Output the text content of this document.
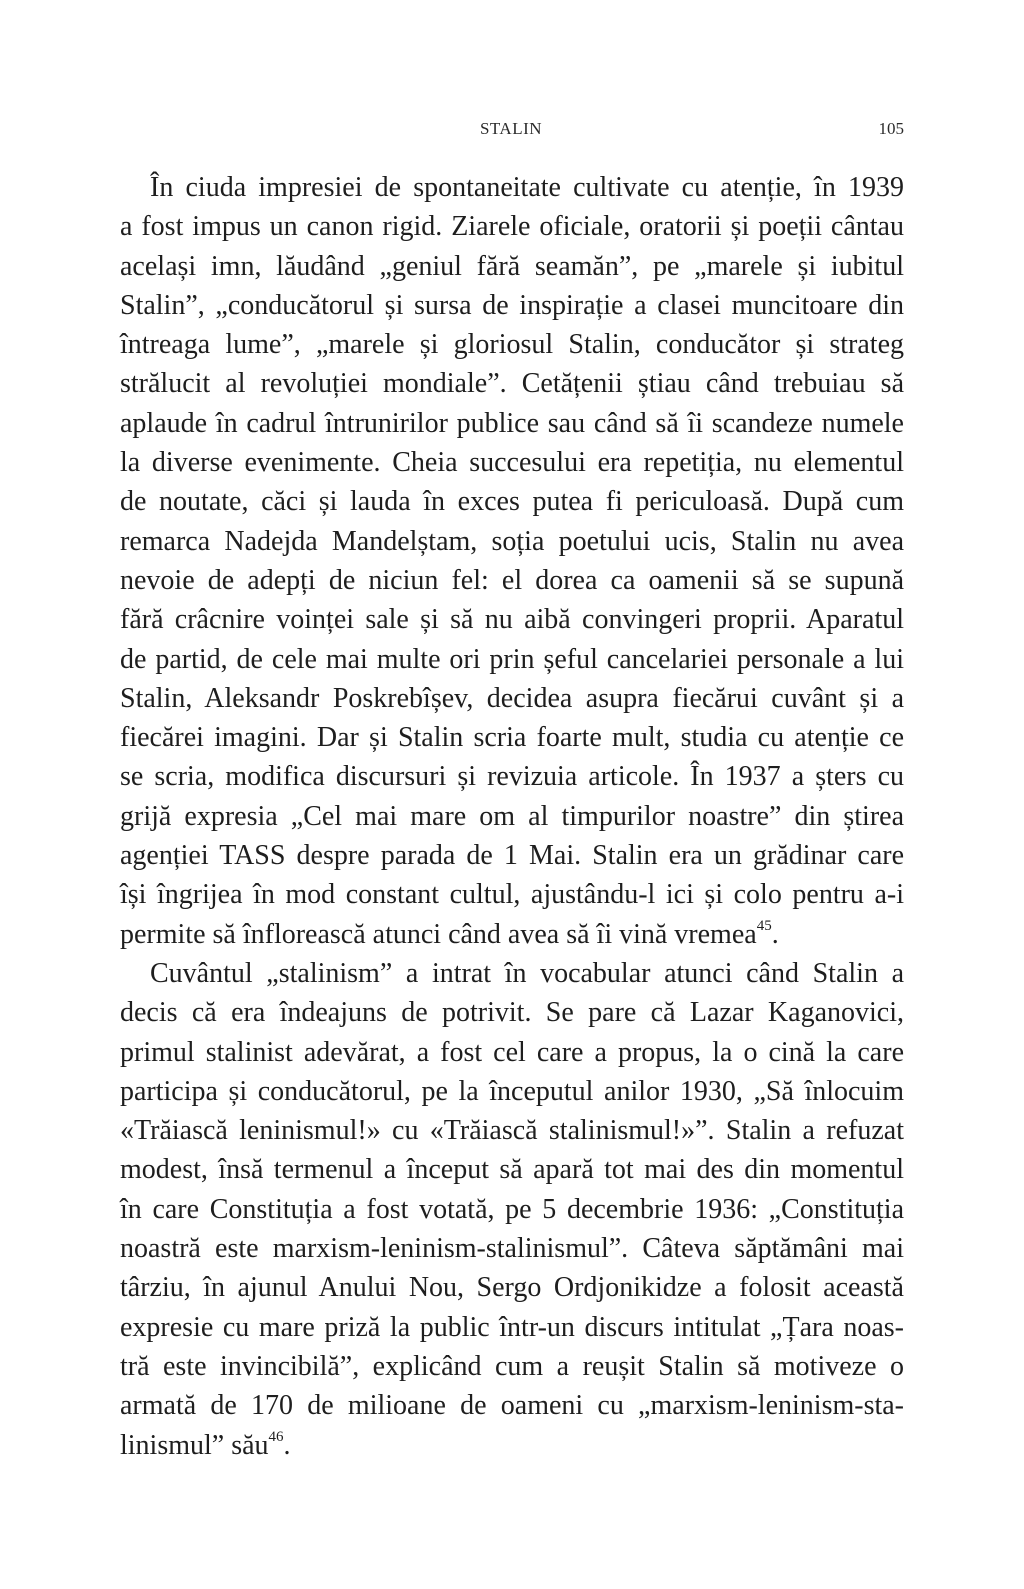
STALIN	105
În ciuda impresiei de spontaneitate cultivate cu atenție, în 1939
a fost impus un canon rigid. Ziarele oficiale, oratorii și poeții cântau
același imn, lăudând „geniul fără seamăn”, pe „marele și iubitul
Stalin”, „conducătorul și sursa de inspirație a clasei muncitoare din
întreaga lume”, „marele și gloriosul Stalin, conducător și strateg
strălucit al revoluției mondiale”. Cetățenii știau când trebuiau să
aplaude în cadrul întrunirilor publice sau când să îi scandeze numele
la diverse evenimente. Cheia succesului era repetiția, nu elementul
de noutate, căci și lauda în exces putea fi periculoasă. După cum
remarca Nadejda Mandelștam, soția poetului ucis, Stalin nu avea
nevoie de adepți de niciun fel: el dorea ca oamenii să se supună
fără crâcnire voinței sale și să nu aibă convingeri proprii. Aparatul
de partid, de cele mai multe ori prin șeful cancelariei personale a lui
Stalin, Aleksandr Poskrebîșev, decidea asupra fiecărui cuvânt și a
fiecărei imagini. Dar și Stalin scria foarte mult, studia cu atenție ce
se scria, modifica discursuri și revizuia articole. În 1937 a șters cu
grijă expresia „Cel mai mare om al timpurilor noastre” din știrea
agenției TASS despre parada de 1 Mai. Stalin era un grădinar care
își îngrijea în mod constant cultul, ajustându-l ici și colo pentru a-i
permite să înflorească atunci când avea să îi vină vremea$^{45}$.
Cuvântul „stalinism” a intrat în vocabular atunci când Stalin a
decis că era îndeajuns de potrivit. Se pare că Lazar Kaganovici,
primul stalinist adevărat, a fost cel care a propus, la o cină la care
participa și conducătorul, pe la începutul anilor 1930, „Să înlocuim
«Trăiască leninismul!» cu «Trăiască stalinismul!»”. Stalin a refuzat
modest, însă termenul a început să apară tot mai des din momentul
în care Constituția a fost votată, pe 5 decembrie 1936: „Constituția
noastră este marxism-leninism-stalinismul”. Câteva săptămâni mai
târziu, în ajunul Anului Nou, Sergo Ordjonikidze a folosit această
expresie cu mare priză la public într-un discurs intitulat „Țara noas-
tră este invincibilă”, explicând cum a reușit Stalin să motiveze o
armată de 170 de milioane de oameni cu „marxism-leninism-sta-
linismul” său$^{46}$.
